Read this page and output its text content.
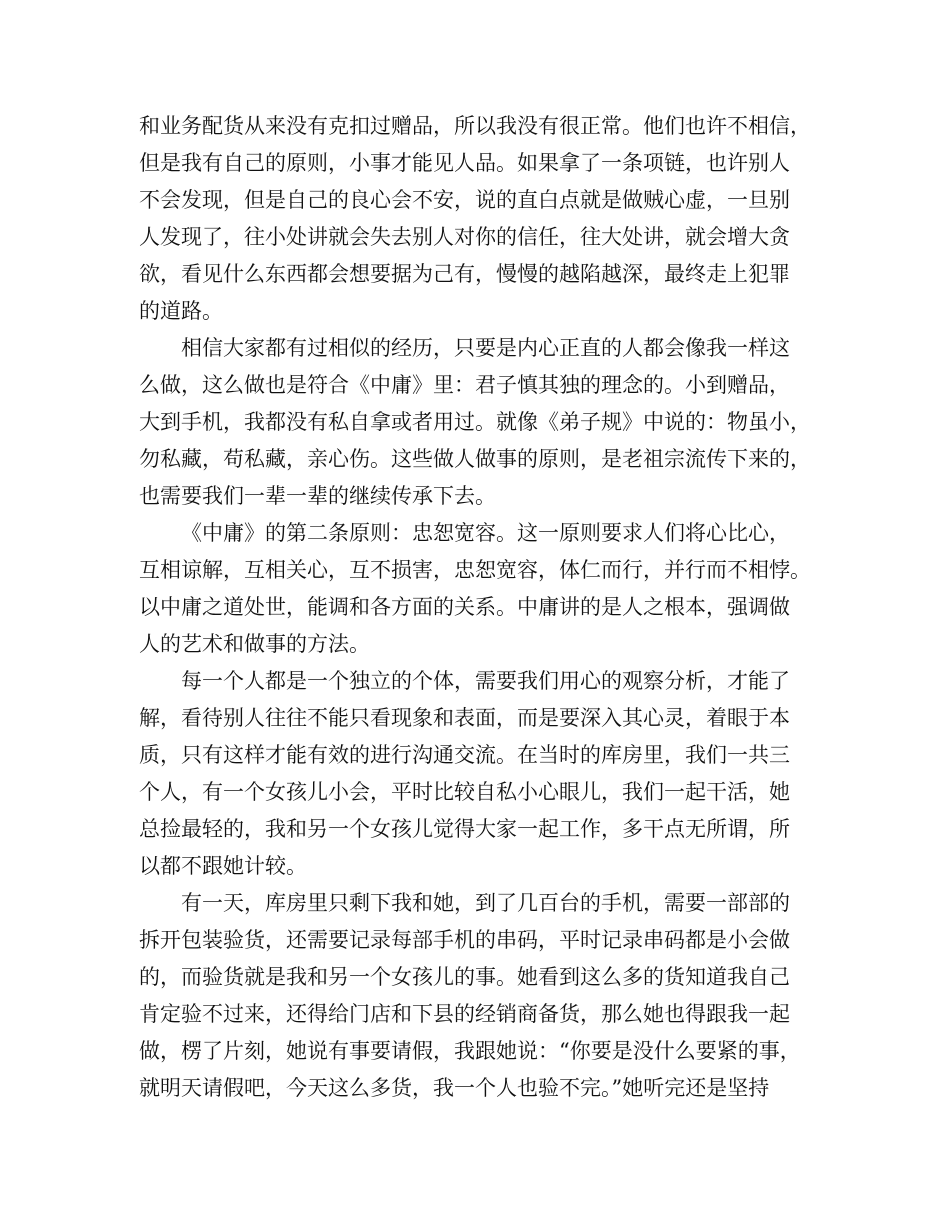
和业务配货从来没有克扣过赠品，所以我没有很正常。他们也许不相信，
但是我有自己的原则，小事才能见人品。如果拿了一条项链，也许别人
不会发现，但是自己的良心会不安，说的直白点就是做贼心虚，一旦别
人发现了，往小处讲就会失去别人对你的信任，往大处讲，就会增大贪
欲，看见什么东西都会想要据为己有，慢慢的越陷越深，最终走上犯罪
的道路。
相信大家都有过相似的经历，只要是内心正直的人都会像我一样这
么做，这么做也是符合《中庸》里：君子慎其独的理念的。小到赠品，
大到手机，我都没有私自拿或者用过。就像《弟子规》中说的：物虽小，
勿私藏，苟私藏，亲心伤。这些做人做事的原则，是老祖宗流传下来的，
也需要我们一辈一辈的继续传承下去。
《中庸》的第二条原则：忠恕宽容。这一原则要求人们将心比心，
互相谅解，互相关心，互不损害，忠恕宽容，体仁而行，并行而不相悖。
以中庸之道处世，能调和各方面的关系。中庸讲的是人之根本，强调做
人的艺术和做事的方法。
每一个人都是一个独立的个体，需要我们用心的观察分析，才能了
解，看待别人往往不能只看现象和表面，而是要深入其心灵，着眼于本
质，只有这样才能有效的进行沟通交流。在当时的库房里，我们一共三
个人，有一个女孩儿小会，平时比较自私小心眼儿，我们一起干活，她
总捡最轻的，我和另一个女孩儿觉得大家一起工作，多干点无所谓，所
以都不跟她计较。
有一天，库房里只剩下我和她，到了几百台的手机，需要一部部的
拆开包装验货，还需要记录每部手机的串码，平时记录串码都是小会做
的，而验货就是我和另一个女孩儿的事。她看到这么多的货知道我自己
肯定验不过来，还得给门店和下县的经销商备货，那么她也得跟我一起
做，楞了片刻，她说有事要请假，我跟她说：“你要是没什么要紧的事，
就明天请假吧，今天这么多货，我一个人也验不完。”她听完还是坚持
